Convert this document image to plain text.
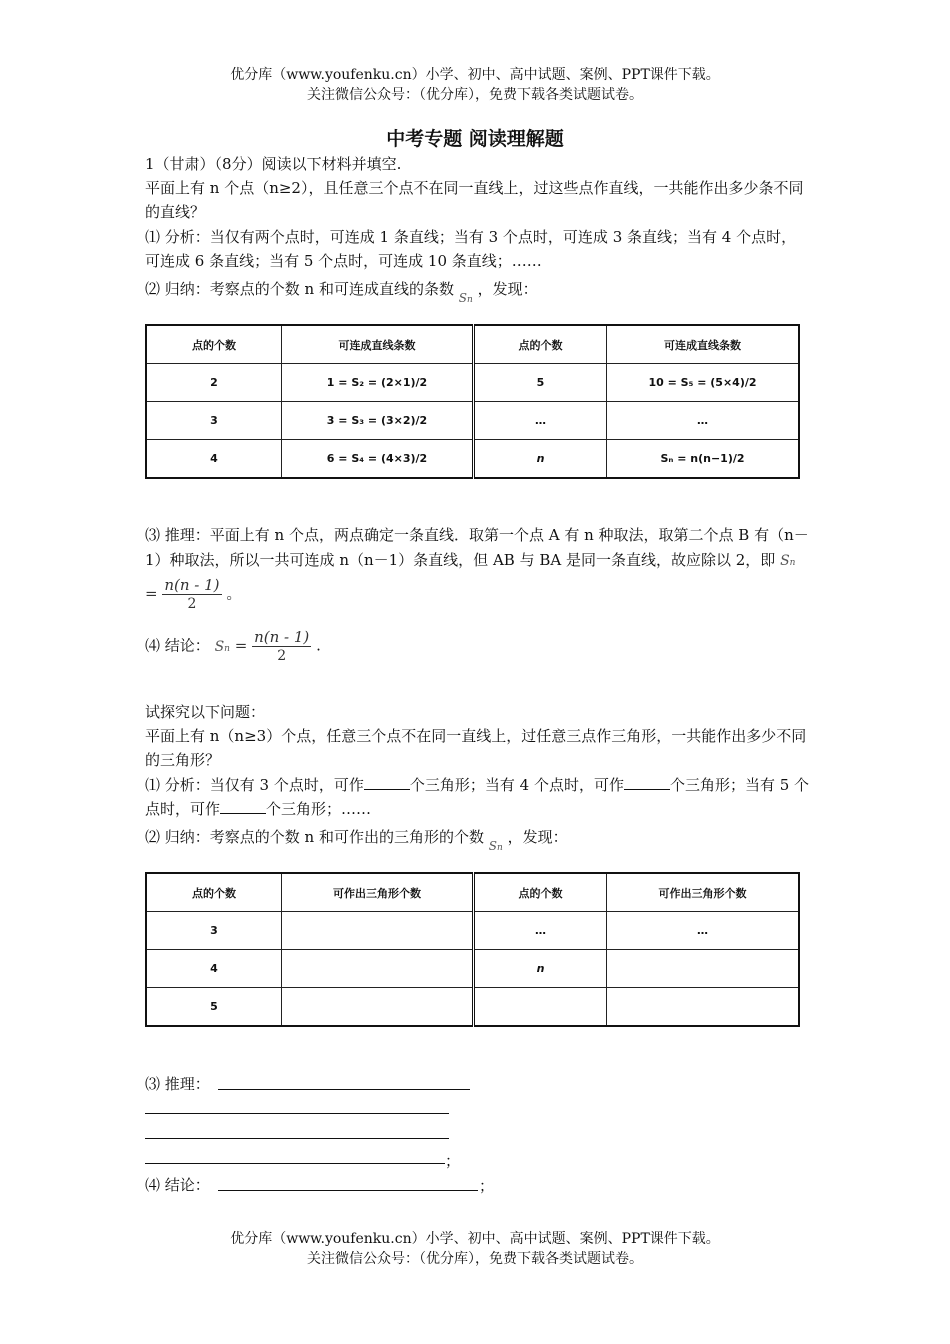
优分库（www.youfenku.cn）小学、初中、高中试题、案例、PPT课件下载。
关注微信公众号：（优分库），免费下载各类试题试卷。
中考专题 阅读理解题
1（甘肃）（8分）阅读以下材料并填空.
平面上有 n 个点（n≥2），且任意三个点不在同一直线上，过这些点作直线，一共能作出多少条不同的直线？
⑴ 分析：当仅有两个点时，可连成 1 条直线；当有 3 个点时，可连成 3 条直线；当有 4 个点时，可连成 6 条直线；当有 5 个点时，可连成 10 条直线；……
⑵ 归纳：考察点的个数 n 和可连成直线的条数 Sn ，发现：
点的个数	可连成直线条数	点的个数	可连成直线条数
2	1 = S₂ = (2×1)/2	5	10 = S₅ = (5×4)/2
3	3 = S₃ = (3×2)/2	…	…
4	6 = S₄ = (4×3)/2	n	Sₙ = n(n−1)/2
⑶ 推理：平面上有 n 个点，两点确定一条直线．取第一个点 A 有 n 种取法，取第二个点 B 有（n－1）种取法，所以一共可连成 n（n－1）条直线，但 AB 与 BA 是同一条直线，故应除以 2，即 $Sn = \frac{n(n - 1)}{2}$ 。
⑷ 结论： $Sn = \frac{n(n - 1)}{2}$ .
试探究以下问题：
平面上有 n（n≥3）个点，任意三个点不在同一直线上，过任意三点作三角形，一共能作出多少不同的三角形？
⑴ 分析：当仅有 3 个点时，可作	个三角形；当有 4 个点时，可作	个三角形；当有 5 个点时，可作	个三角形；……
⑵ 归纳：考察点的个数 n 和可作出的三角形的个数 Sn ，发现：
点的个数	可作出三角形个数	点的个数	可作出三角形个数
3		…	…
4		n	
5			
⑶ 推理：
；
⑷ 结论：	；
优分库（www.youfenku.cn）小学、初中、高中试题、案例、PPT课件下载。
关注微信公众号：（优分库），免费下载各类试题试卷。
